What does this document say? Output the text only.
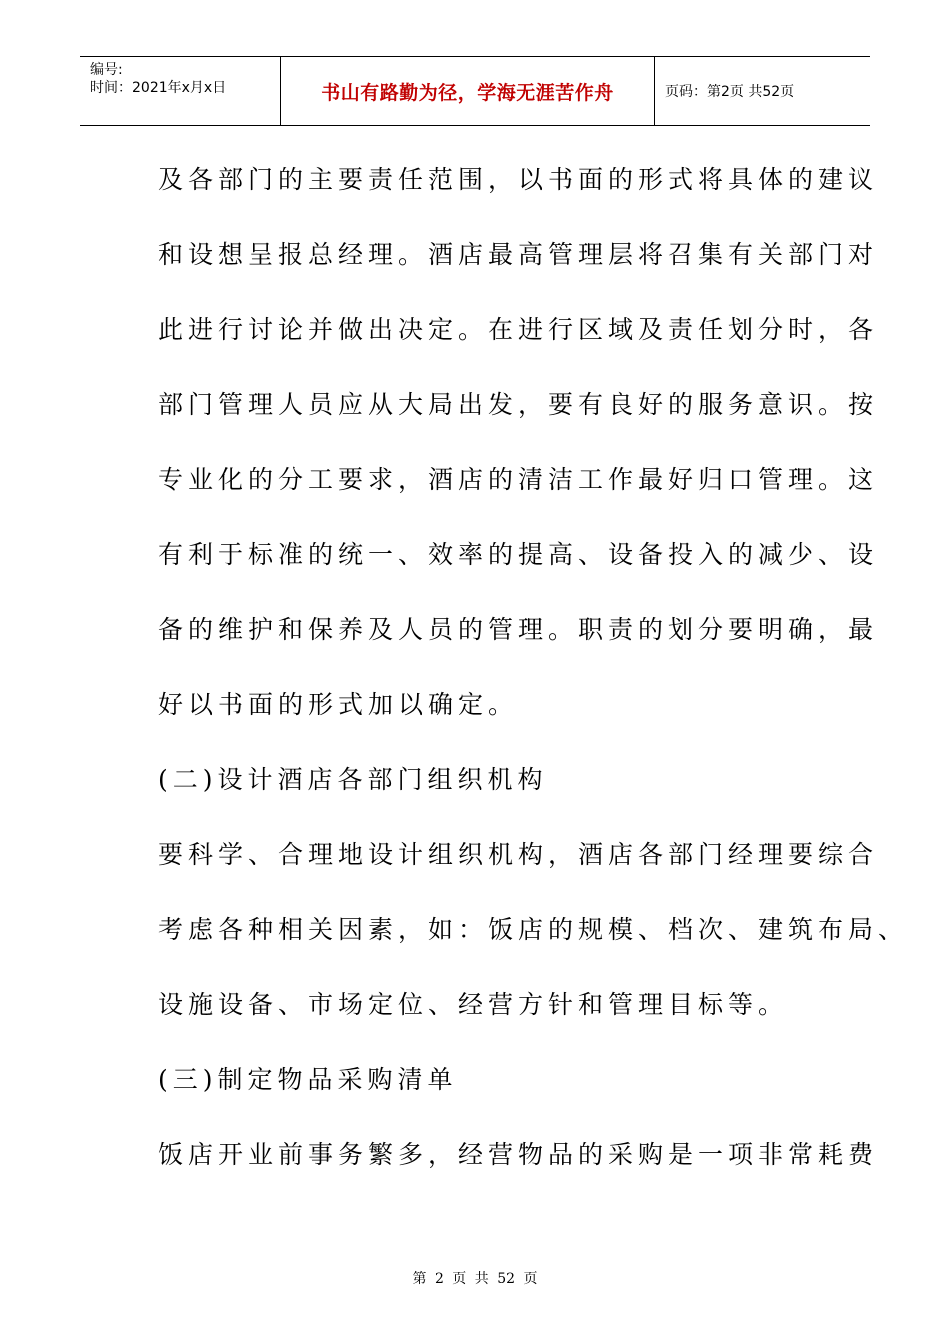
编号:
时间：2021年x月x日	书山有路勤为径，学海无涯苦作舟	页码：第2页 共52页
及各部门的主要责任范围，以书面的形式将具体的建议
和设想呈报总经理。酒店最高管理层将召集有关部门对
此进行讨论并做出决定。在进行区域及责任划分时，各
部门管理人员应从大局出发，要有良好的服务意识。按
专业化的分工要求，酒店的清洁工作最好归口管理。这
有利于标准的统一、效率的提高、设备投入的减少、设
备的维护和保养及人员的管理。职责的划分要明确，最
好以书面的形式加以确定。
(二)设计酒店各部门组织机构
要科学、合理地设计组织机构，酒店各部门经理要综合
考虑各种相关因素，如：饭店的规模、档次、建筑布局、
设施设备、市场定位、经营方针和管理目标等。
(三)制定物品采购清单
饭店开业前事务繁多，经营物品的采购是一项非常耗费
第 2 页 共 52 页
